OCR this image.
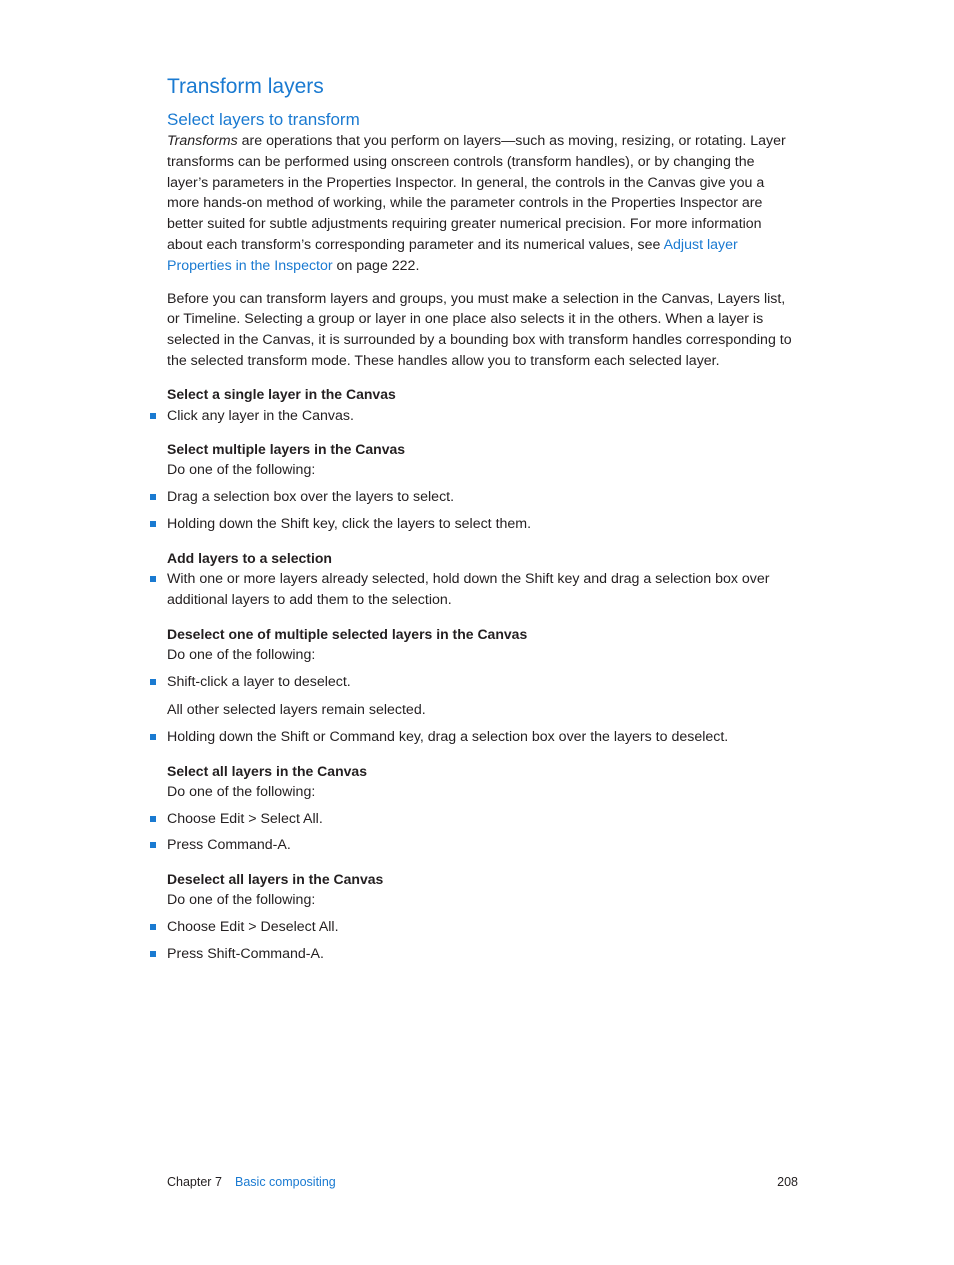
Transform layers
Select layers to transform

Transforms are operations that you perform on layers—such as moving, resizing, or rotating. Layer transforms can be performed using onscreen controls (transform handles), or by changing the layer’s parameters in the Properties Inspector. In general, the controls in the Canvas give you a more hands-on method of working, while the parameter controls in the Properties Inspector are better suited for subtle adjustments requiring greater numerical precision. For more information about each transform’s corresponding parameter and its numerical values, see Adjust layer Properties in the Inspector on page 222.

Before you can transform layers and groups, you must make a selection in the Canvas, Layers list, or Timeline. Selecting a group or layer in one place also selects it in the others. When a layer is selected in the Canvas, it is surrounded by a bounding box with transform handles corresponding to the selected transform mode. These handles allow you to transform each selected layer.

Select a single layer in the Canvas
Click any layer in the Canvas.
Select multiple layers in the Canvas
Do one of the following:
Drag a selection box over the layers to select.
Holding down the Shift key, click the layers to select them.
Add layers to a selection
With one or more layers already selected, hold down the Shift key and drag a selection box over additional layers to add them to the selection.
Deselect one of multiple selected layers in the Canvas
Do one of the following:
Shift-click a layer to deselect.
All other selected layers remain selected.
Holding down the Shift or Command key, drag a selection box over the layers to deselect.
Select all layers in the Canvas
Do one of the following:
Choose Edit > Select All.
Press Command-A.
Deselect all layers in the Canvas
Do one of the following:
Choose Edit > Deselect All.
Press Shift-Command-A.
Chapter 7 Basic compositing	208
